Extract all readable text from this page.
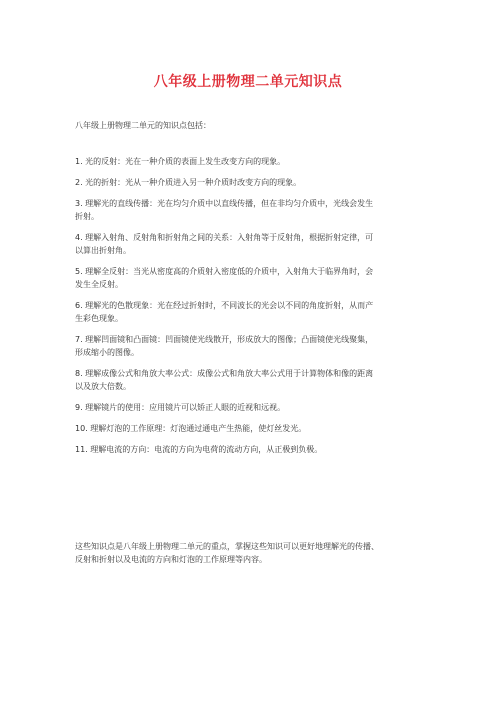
八年级上册物理二单元知识点
八年级上册物理二单元的知识点包括：
1. 光的反射：光在一种介质的表面上发生改变方向的现象。
2. 光的折射：光从一种介质进入另一种介质时改变方向的现象。
3. 理解光的直线传播：光在均匀介质中以直线传播，但在非均匀介质中，光线会发生
折射。
4. 理解入射角、反射角和折射角之间的关系：入射角等于反射角，根据折射定律，可
以算出折射角。
5. 理解全反射：当光从密度高的介质射入密度低的介质中，入射角大于临界角时，会
发生全反射。
6. 理解光的色散现象：光在经过折射时，不同波长的光会以不同的角度折射，从而产
生彩色现象。
7. 理解凹面镜和凸面镜：凹面镜使光线散开，形成放大的图像；凸面镜使光线聚集，
形成缩小的图像。
8. 理解成像公式和角放大率公式：成像公式和角放大率公式用于计算物体和像的距离
以及放大倍数。
9. 理解镜片的使用：应用镜片可以矫正人眼的近视和远视。
10. 理解灯泡的工作原理：灯泡通过通电产生热能，使灯丝发光。
11. 理解电流的方向：电流的方向为电荷的流动方向，从正极到负极。
这些知识点是八年级上册物理二单元的重点，掌握这些知识可以更好地理解光的传播、
反射和折射以及电流的方向和灯泡的工作原理等内容。
